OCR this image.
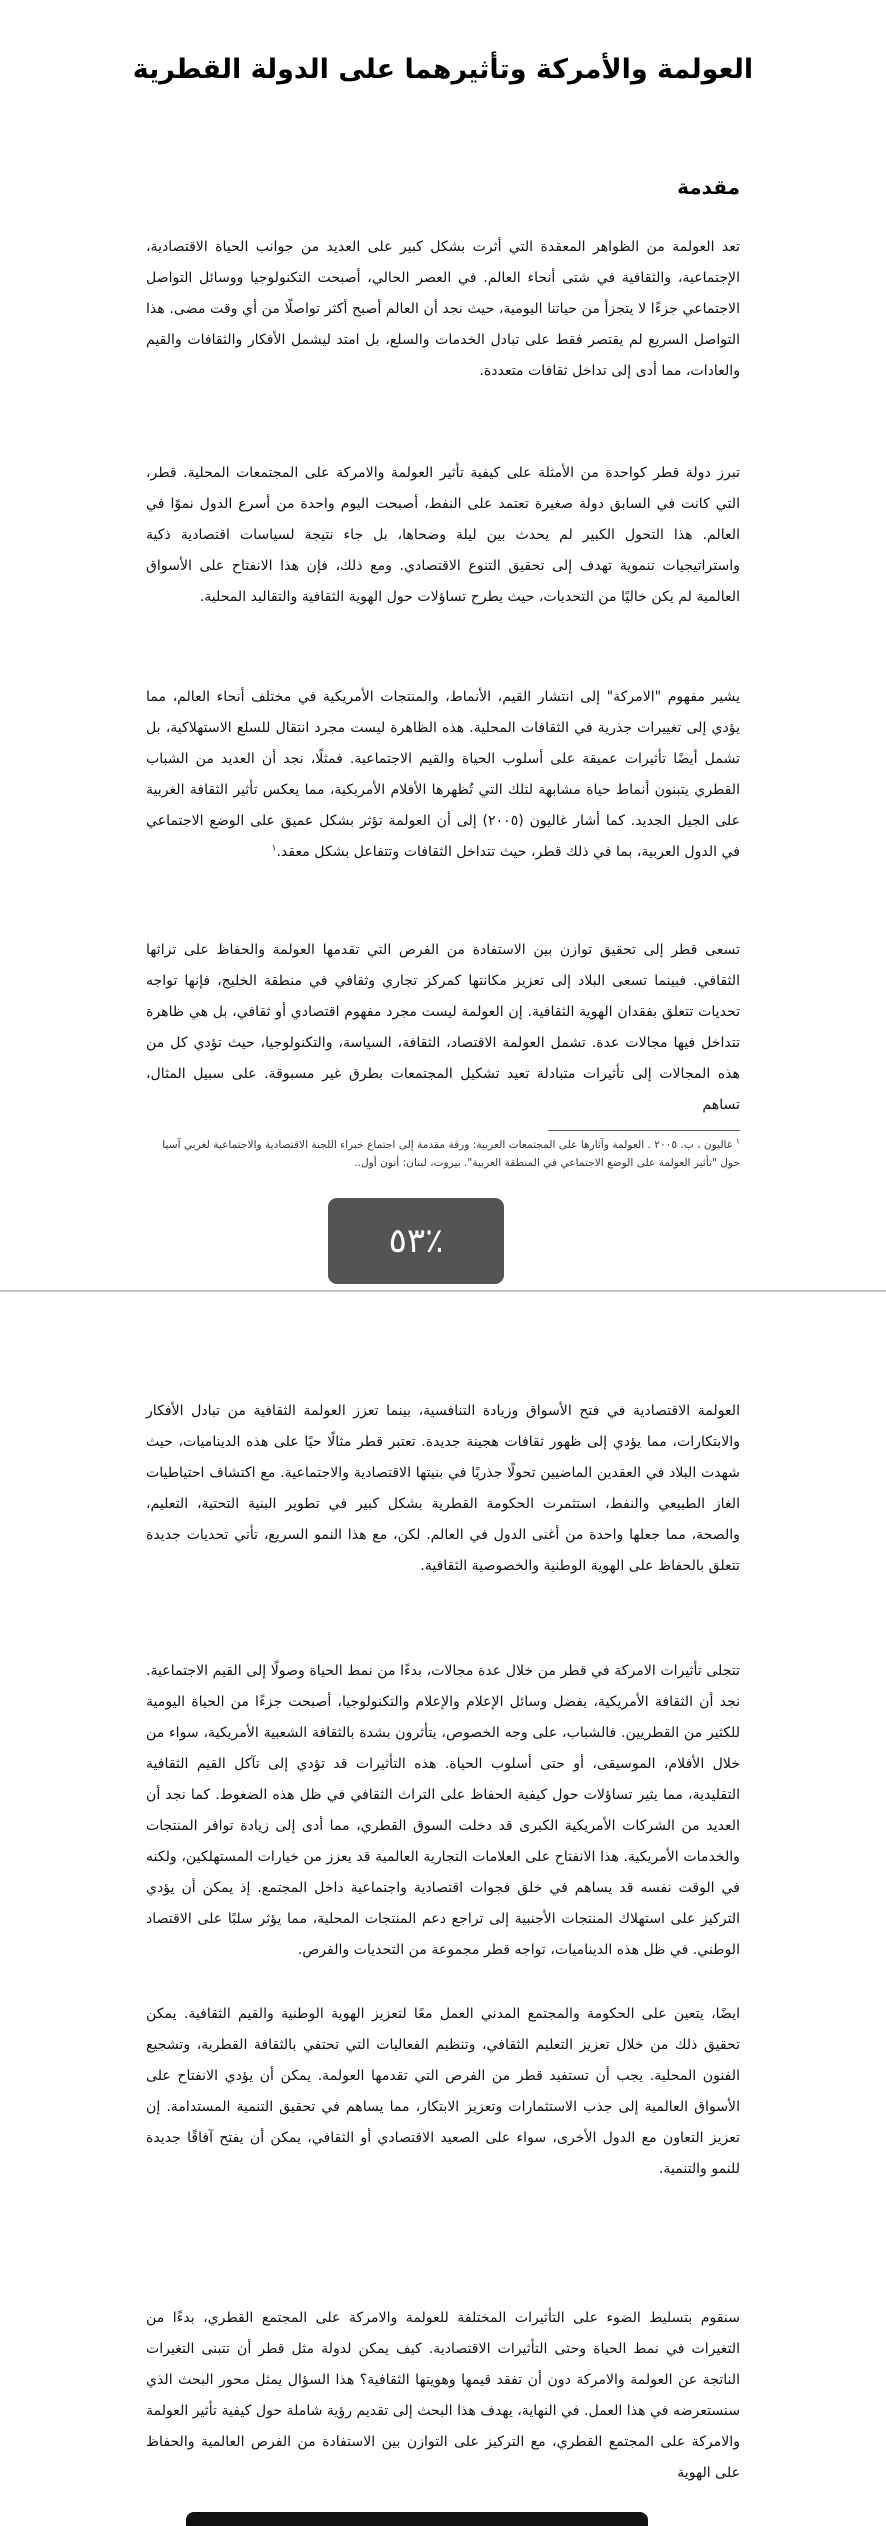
العولمة والأمركة وتأثيرهما على الدولة القطرية
مقدمة

تعد العولمة من الظواهر المعقدة التي أثرت بشكل كبير على العديد من جوانب الحياة الاقتصادية، الإجتماعية، والثقافية في شتى أنحاء العالم. في العصر الحالي، أصبحت التكنولوجيا ووسائل التواصل الاجتماعي جزءًا لا يتجزأ من حياتنا اليومية، حيث نجد أن العالم أصبح أكثر تواصلًا من أي وقت مضى. هذا التواصل السريع لم يقتصر فقط على تبادل الخدمات والسلع، بل امتد ليشمل الأفكار والثقافات والقيم والعادات، مما أدى إلى تداخل ثقافات متعددة.

تبرز دولة قطر كواحدة من الأمثلة على كيفية تأثير العولمة والامركة على المجتمعات المحلية. قطر، التي كانت في السابق دولة صغيرة تعتمد على النفط، أصبحت اليوم واحدة من أسرع الدول نموًا في العالم. هذا التحول الكبير لم يحدث بين ليلة وضحاها، بل جاء نتيجة لسياسات اقتصادية ذكية واستراتيجيات تنموية تهدف إلى تحقيق التنوع الاقتصادي. ومع ذلك، فإن هذا الانفتاح على الأسواق العالمية لم يكن خاليًا من التحديات، حيث يطرح تساؤلات حول الهوية الثقافية والتقاليد المحلية.

يشير مفهوم "الامركة" إلى انتشار القيم، الأنماط، والمنتجات الأمريكية في مختلف أنحاء العالم، مما يؤدي إلى تغييرات جذرية في الثقافات المحلية. هذه الظاهرة ليست مجرد انتقال للسلع الاستهلاكية، بل تشمل أيضًا تأثيرات عميقة على أسلوب الحياة والقيم الاجتماعية. فمثلًا، نجد أن العديد من الشباب القطري يتبنون أنماط حياة مشابهة لتلك التي تُظهرها الأفلام الأمريكية، مما يعكس تأثير الثقافة الغربية على الجيل الجديد. كما أشار غاليون (٢٠٠٥) إلى أن العولمة تؤثر بشكل عميق على الوضع الاجتماعي في الدول العربية، بما في ذلك قطر، حيث تتداخل الثقافات وتتفاعل بشكل معقد.$^١$

تسعى قطر إلى تحقيق توازن بين الاستفادة من الفرص التي تقدمها العولمة والحفاظ على تراثها الثقافي. فبينما تسعى البلاد إلى تعزيز مكانتها كمركز تجاري وثقافي في منطقة الخليج، فإنها تواجه تحديات تتعلق بفقدان الهوية الثقافية. إن العولمة ليست مجرد مفهوم اقتصادي أو ثقافي، بل هي ظاهرة تتداخل فيها مجالات عدة. تشمل العولمة الاقتصاد، الثقافة، السياسة، والتكنولوجيا، حيث تؤدي كل من هذه المجالات إلى تأثيرات متبادلة تعيد تشكيل المجتمعات بطرق غير مسبوقة. على سبيل المثال، تساهم

$^١$ غاليون ، ب. ٢٠٠٥ . العولمة وآثارها على المجتمعات العربية: ورقة مقدمة إلى اجتماع خبراء اللجنة الاقتصادية والاجتماعية لغربي آسيا حول "تأثير العولمة على الوضع الاجتماعي في المنطقة العربية". بيروت، لبنان: أنون أول..

٪٥٣

العولمة الاقتصادية في فتح الأسواق وزيادة التنافسية، بينما تعزز العولمة الثقافية من تبادل الأفكار والابتكارات، مما يؤدي إلى ظهور ثقافات هجينة جديدة. تعتبر قطر مثالًا حيًا على هذه الديناميات، حيث شهدت البلاد في العقدين الماضيين تحولًا جذريًا في بنيتها الاقتصادية والاجتماعية. مع اكتشاف احتياطيات الغاز الطبيعي والنفط، استثمرت الحكومة القطرية بشكل كبير في تطوير البنية التحتية، التعليم، والصحة، مما جعلها واحدة من أغنى الدول في العالم. لكن، مع هذا النمو السريع، تأتي تحديات جديدة تتعلق بالحفاظ على الهوية الوطنية والخصوصية الثقافية.

تتجلى تأثيرات الامركة في قطر من خلال عدة مجالات، بدءًا من نمط الحياة وصولًا إلى القيم الاجتماعية. نجد أن الثقافة الأمريكية، بفضل وسائل الإعلام والإعلام والتكنولوجيا، أصبحت جزءًا من الحياة اليومية للكثير من القطريين. فالشباب، على وجه الخصوص، يتأثرون بشدة بالثقافة الشعبية الأمريكية، سواء من خلال الأفلام، الموسيقى، أو حتى أسلوب الحياة. هذه التأثيرات قد تؤدي إلى تآكل القيم الثقافية التقليدية، مما يثير تساؤلات حول كيفية الحفاظ على التراث الثقافي في ظل هذه الضغوط. كما نجد أن العديد من الشركات الأمريكية الكبرى قد دخلت السوق القطري، مما أدى إلى زيادة توافر المنتجات والخدمات الأمريكية. هذا الانفتاح على العلامات التجارية العالمية قد يعزز من خيارات المستهلكين، ولكنه في الوقت نفسه قد يساهم في خلق فجوات اقتصادية واجتماعية داخل المجتمع. إذ يمكن أن يؤدي التركيز على استهلاك المنتجات الأجنبية إلى تراجع دعم المنتجات المحلية، مما يؤثر سلبًا على الاقتصاد الوطني. في ظل هذه الديناميات، تواجه قطر مجموعة من التحديات والفرص.

ايضًا، يتعين على الحكومة والمجتمع المدني العمل معًا لتعزيز الهوية الوطنية والقيم الثقافية. يمكن تحقيق ذلك من خلال تعزيز التعليم الثقافي، وتنظيم الفعاليات التي تحتفي بالثقافة القطرية، وتشجيع الفنون المحلية. يجب أن تستفيد قطر من الفرص التي تقدمها العولمة. يمكن أن يؤدي الانفتاح على الأسواق العالمية إلى جذب الاستثمارات وتعزيز الابتكار، مما يساهم في تحقيق التنمية المستدامة. إن تعزيز التعاون مع الدول الأخرى، سواء على الصعيد الاقتصادي أو الثقافي، يمكن أن يفتح آفاقًا جديدة للنمو والتنمية.

سنقوم بتسليط الضوء على التأثيرات المختلفة للعولمة والامركة على المجتمع القطري، بدءًا من التغيرات في نمط الحياة وحتى التأثيرات الاقتصادية. كيف يمكن لدولة مثل قطر أن تتبنى التغيرات الناتجة عن العولمة والامركة دون أن تفقد قيمها وهويتها الثقافية؟ هذا السؤال يمثل محور البحث الذي سنستعرضه في هذا العمل. في النهاية، يهدف هذا البحث إلى تقديم رؤية شاملة حول كيفية تأثير العولمة والامركة على المجتمع القطري، مع التركيز على التوازن بين الاستفادة من الفرص العالمية والحفاظ على الهوية
